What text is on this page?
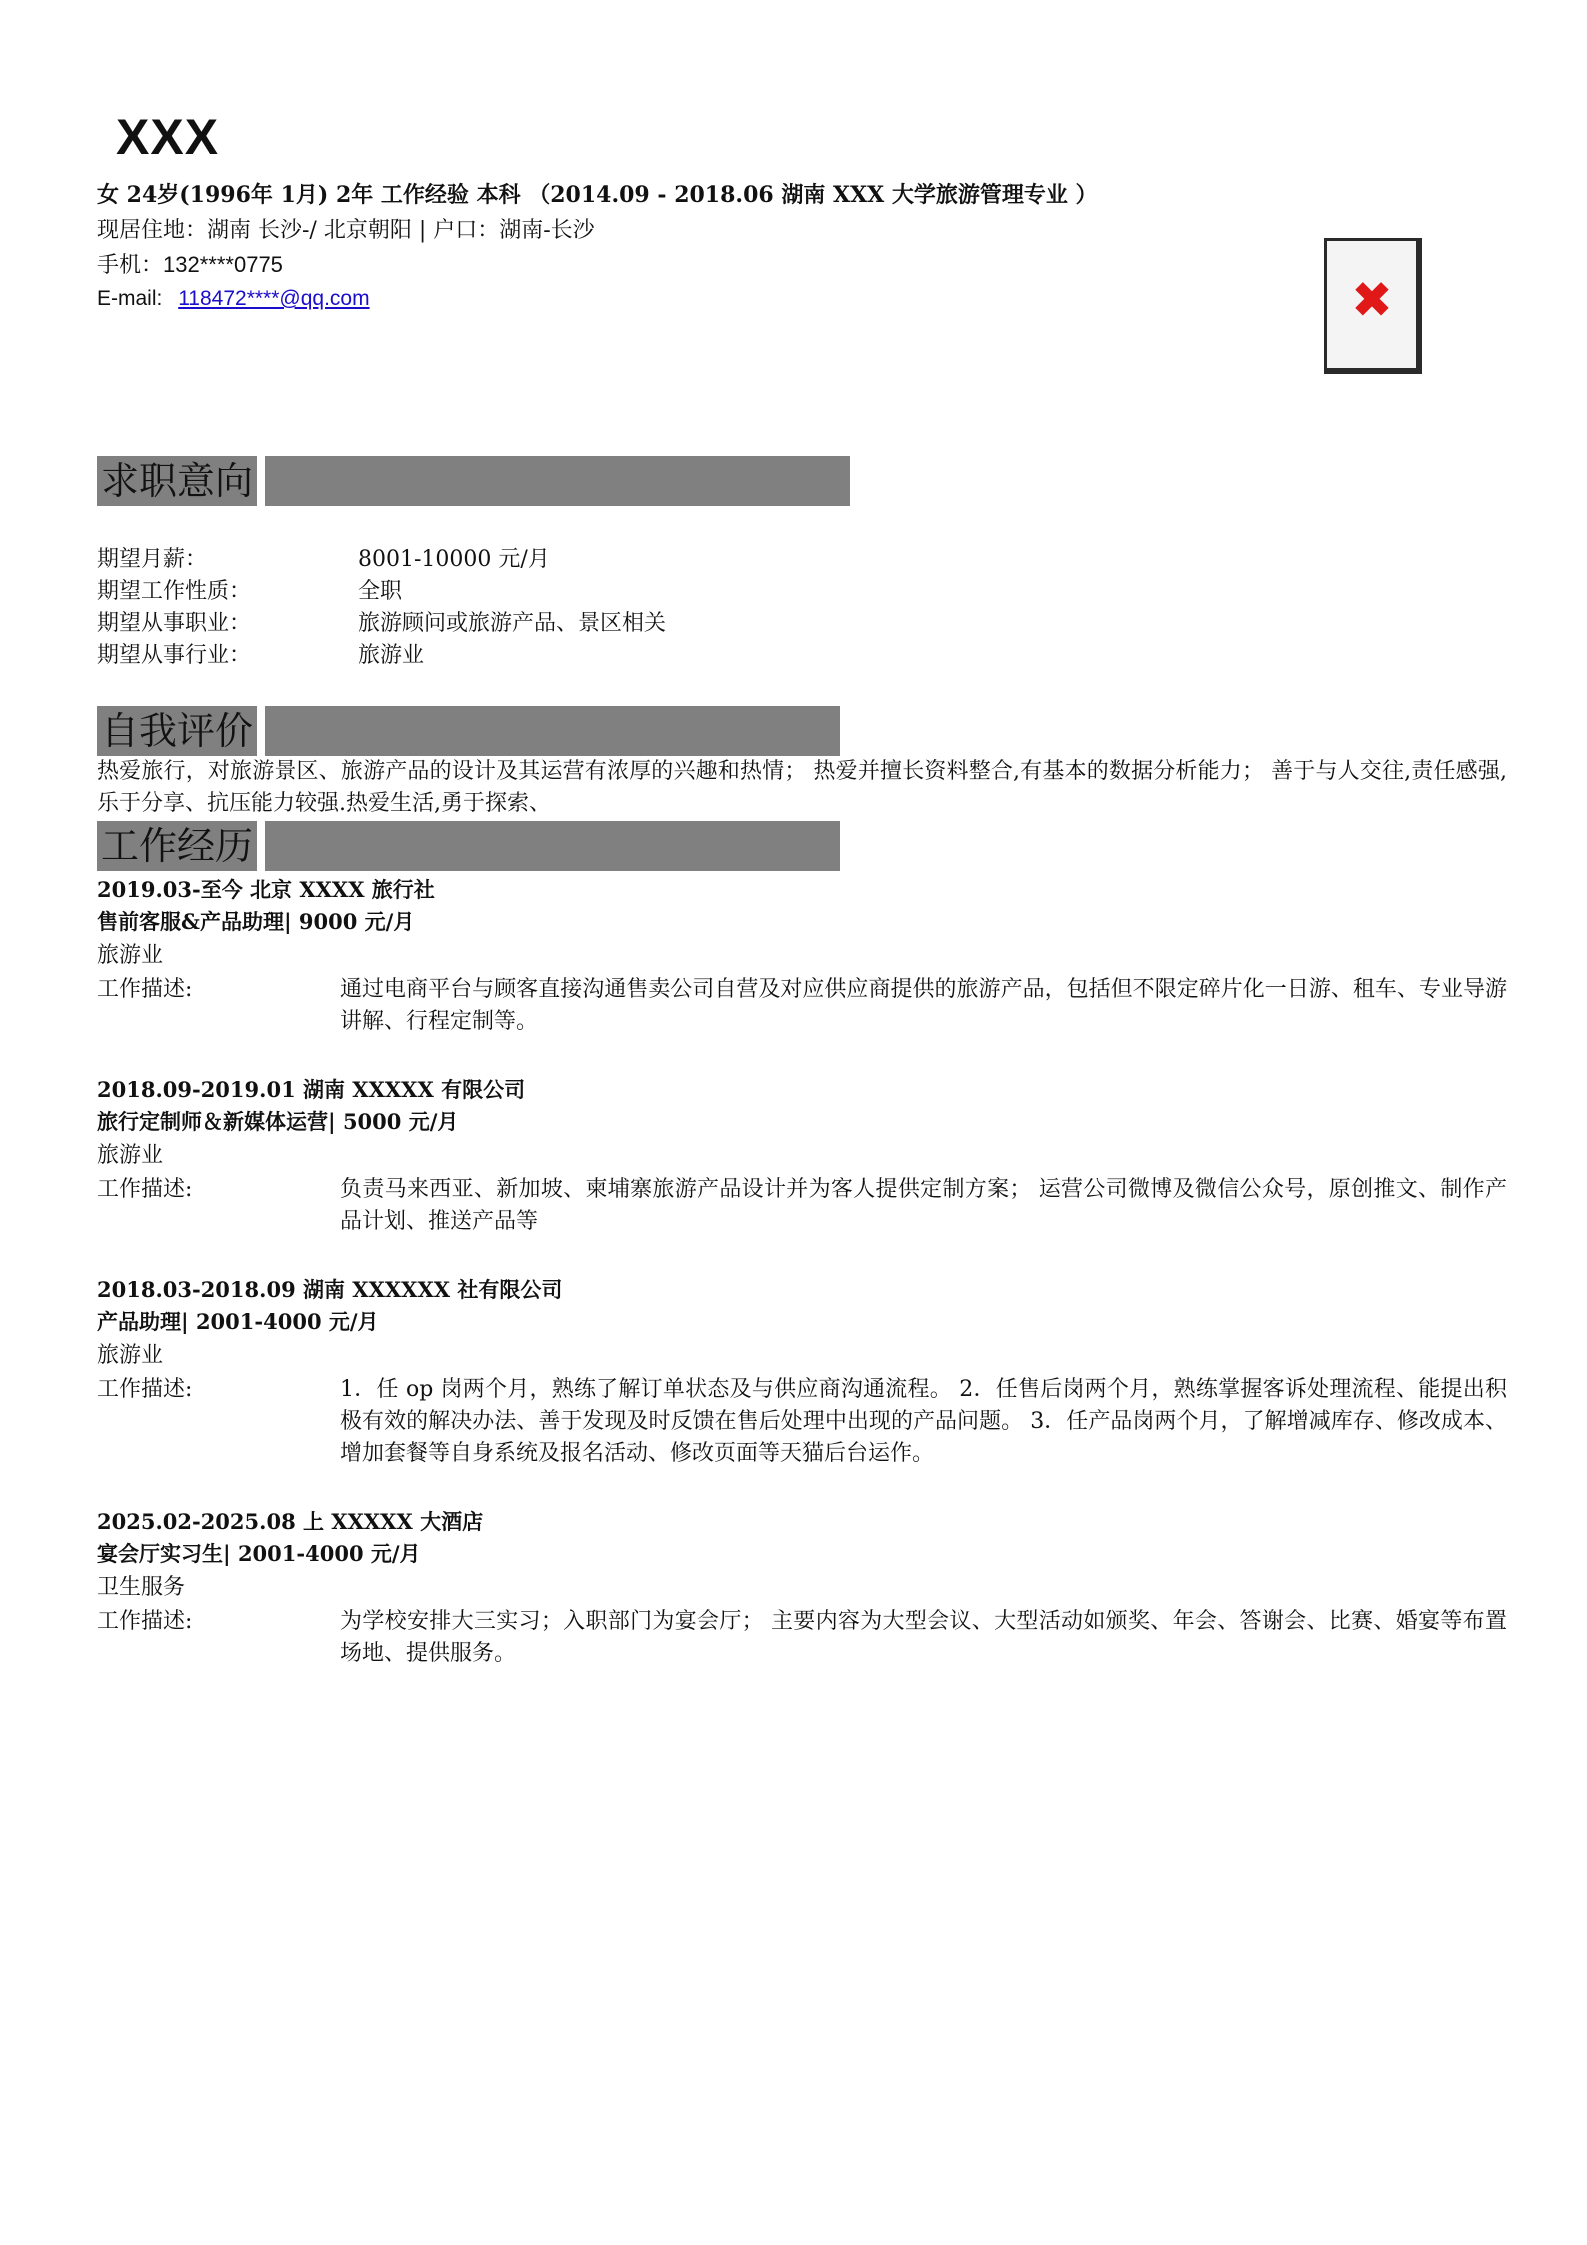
XXX
女 24岁(1996年 1月) 2年 工作经验 本科 （2014.09 - 2018.06 湖南 XXX 大学旅游管理专业 ）
现居住地：湖南 长沙-/ 北京朝阳 | 户口：湖南-长沙
手机：132****0775
E-mail: 118472****@qq.com	✖
求职意向
期望月薪：	8001-10000 元/月
期望工作性质：	全职
期望从事职业：	旅游顾问或旅游产品、景区相关
期望从事行业：	旅游业
自我评价
热爱旅行，对旅游景区、旅游产品的设计及其运营有浓厚的兴趣和热情； 热爱并擅长资料整合,有基本的数据分析能力； 善于与人交往,责任感强,乐于分享、抗压能力较强.热爱生活,勇于探索、
工作经历
2019.03-至今 北京 XXXX 旅行社
售前客服&产品助理| 9000 元/月
旅游业
工作描述:	通过电商平台与顾客直接沟通售卖公司自营及对应供应商提供的旅游产品，包括但不限定碎片化一日游、租车、专业导游讲解、行程定制等。
2018.09-2019.01 湖南 XXXXX 有限公司
旅行定制师＆新媒体运营| 5000 元/月
旅游业
工作描述:	负责马来西亚、新加坡、柬埔寨旅游产品设计并为客人提供定制方案； 运营公司微博及微信公众号，原创推文、制作产品计划、推送产品等
2018.03-2018.09 湖南 XXXXXX 社有限公司
产品助理| 2001-4000 元/月
旅游业
工作描述:	1．任 op 岗两个月，熟练了解订单状态及与供应商沟通流程。 2．任售后岗两个月，熟练掌握客诉处理流程、能提出积极有效的解决办法、善于发现及时反馈在售后处理中出现的产品问题。 3．任产品岗两个月，了解增减库存、修改成本、增加套餐等自身系统及报名活动、修改页面等天猫后台运作。
2025.02-2025.08 上 XXXXX 大酒店
宴会厅实习生| 2001-4000 元/月
卫生服务
工作描述:	为学校安排大三实习；入职部门为宴会厅； 主要内容为大型会议、大型活动如颁奖、年会、答谢会、比赛、婚宴等布置场地、提供服务。
